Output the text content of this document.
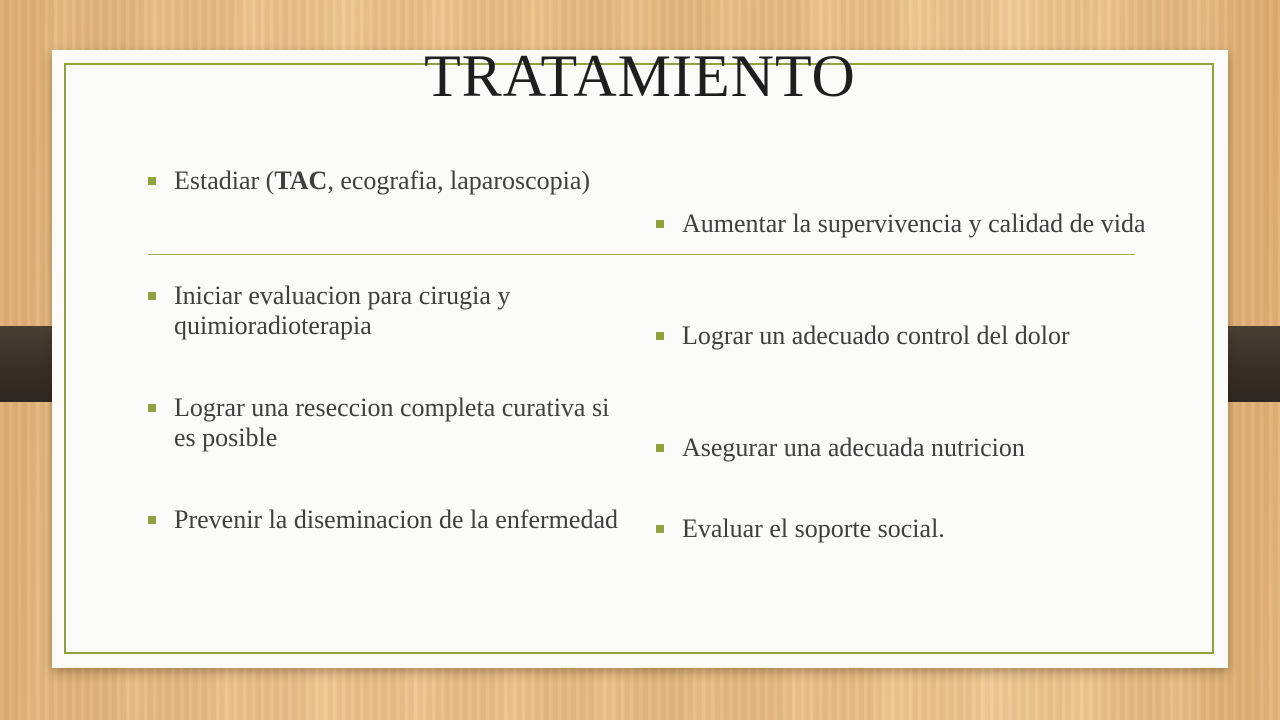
TRATAMIENTO
Estadiar (TAC, ecografia, laparoscopia)
Iniciar evaluacion para cirugia y quimioradioterapia
Lograr una reseccion completa curativa si es posible
Prevenir la diseminacion de la enfermedad
Aumentar la supervivencia y calidad de vida
Lograr un adecuado control del dolor
Asegurar una adecuada nutricion
Evaluar el soporte social.
